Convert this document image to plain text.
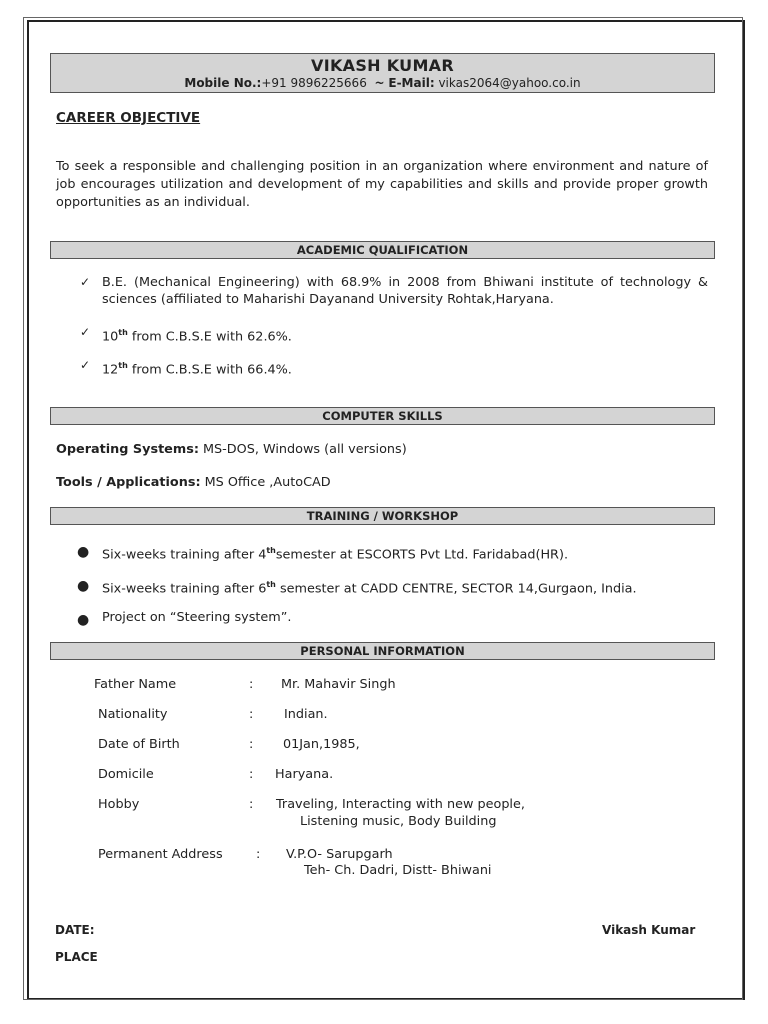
VIKASH KUMAR
Mobile No.:+91 9896225666 ~ E-Mail: vikas2064@yahoo.co.in
CAREER OBJECTIVE
To seek a responsible and challenging position in an organization where environment and nature of job encourages utilization and development of my capabilities and skills and provide proper growth opportunities as an individual.
ACADEMIC QUALIFICATION
✓ B.E. (Mechanical Engineering) with 68.9% in 2008 from Bhiwani institute of technology & sciences (affiliated to Maharishi Dayanand University Rohtak,Haryana.
✓ 10th from C.B.S.E with 62.6%.
✓ 12th from C.B.S.E with 66.4%.
COMPUTER SKILLS
Operating Systems: MS-DOS, Windows (all versions)
Tools / Applications: MS Office ,AutoCAD
TRAINING / WORKSHOP
● Six-weeks training after 4thsemester at ESCORTS Pvt Ltd. Faridabad(HR).
● Six-weeks training after 6th semester at CADD CENTRE, SECTOR 14,Gurgaon, India.
● Project on “Steering system”.
PERSONAL INFORMATION
Father Name	: Mr. Mahavir Singh
Nationality	: Indian.
Date of Birth	: 01Jan,1985,
Domicile	: Haryana.
Hobby	: Traveling, Interacting with new people,
Listening music, Body Building
Permanent Address	: V.P.O- Sarupgarh
Teh- Ch. Dadri, Distt- Bhiwani
DATE:	Vikash Kumar
PLACE
